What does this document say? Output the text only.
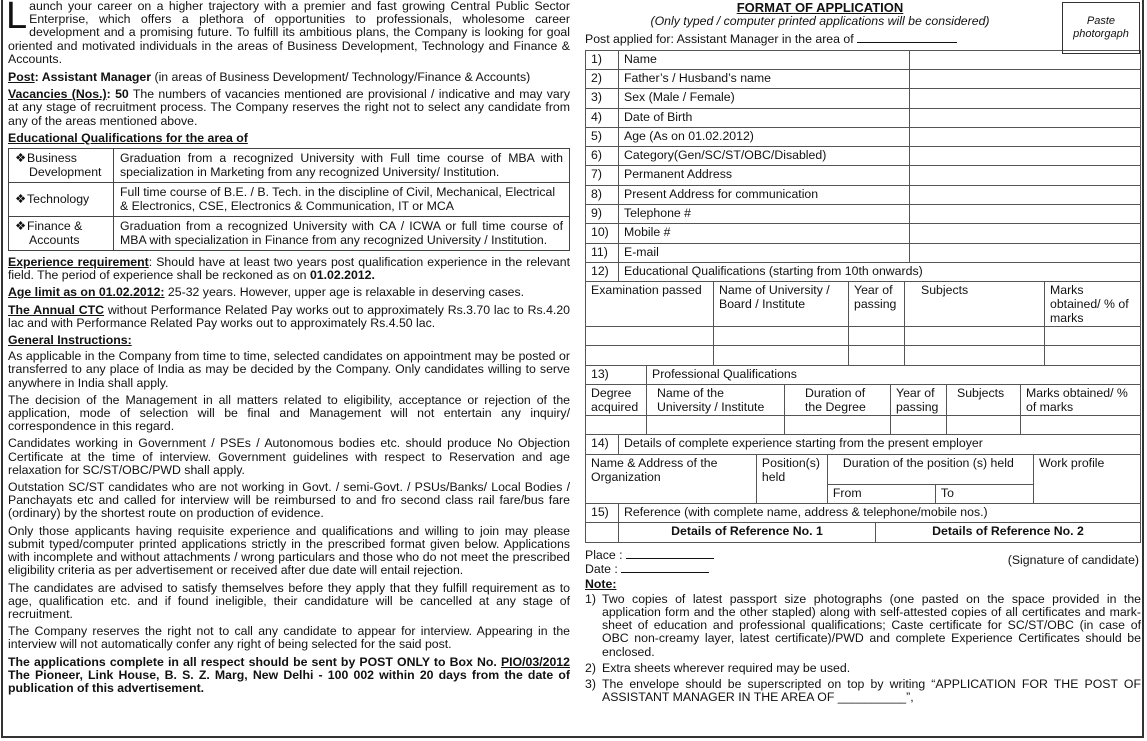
Launch your career on a higher trajectory with a premier and fast growing Central Public Sector Enterprise, which offers a plethora of opportunities to professionals, wholesome career development and a promising future. To fulfill its ambitious plans, the Company is looking for goal oriented and motivated individuals in the areas of Business Development, Technology and Finance & Accounts.

Post: Assistant Manager (in areas of Business Development/ Technology/Finance & Accounts)

Vacancies (Nos.): 50 The numbers of vacancies mentioned are provisional / indicative and may vary at any stage of recruitment process. The Company reserves the right not to select any candidate from any of the areas mentioned above.

Educational Qualifications for the area of
❖Business
Development	Graduation from a recognized University with Full time course of MBA with specialization in Marketing from any recognized University/ Institution.
❖Technology	Full time course of B.E. / B. Tech. in the discipline of Civil, Mechanical, Electrical & Electronics, CSE, Electronics & Communication, IT or MCA
❖Finance &
Accounts	Graduation from a recognized University with CA / ICWA or full time course of MBA with specialization in Finance from any recognized University / Institution.

Experience requirement: Should have at least two years post qualification experience in the relevant field. The period of experience shall be reckoned as on 01.02.2012.

Age limit as on 01.02.2012: 25-32 years. However, upper age is relaxable in deserving cases.

The Annual CTC without Performance Related Pay works out to approximately Rs.3.70 lac to Rs.4.20 lac and with Performance Related Pay works out to approximately Rs.4.50 lac.

General Instructions:

As applicable in the Company from time to time, selected candidates on appointment may be posted or transferred to any place of India as may be decided by the Company. Only candidates willing to serve anywhere in India shall apply.

The decision of the Management in all matters related to eligibility, acceptance or rejection of the application, mode of selection will be final and Management will not entertain any inquiry/ correspondence in this regard.

Candidates working in Government / PSEs / Autonomous bodies etc. should produce No Objection Certificate at the time of interview. Government guidelines with respect to Reservation and age relaxation for SC/ST/OBC/PWD shall apply.

Outstation SC/ST candidates who are not working in Govt. / semi-Govt. / PSUs/Banks/ Local Bodies / Panchayats etc and called for interview will be reimbursed to and fro second class rail fare/bus fare (ordinary) by the shortest route on production of evidence.

Only those applicants having requisite experience and qualifications and willing to join may please submit typed/computer printed applications strictly in the prescribed format given below. Applications with incomplete and without attachments / wrong particulars and those who do not meet the prescribed eligibility criteria as per advertisement or received after due date will entail rejection.

The candidates are advised to satisfy themselves before they apply that they fulfill requirement as to age, qualification etc. and if found ineligible, their candidature will be cancelled at any stage of recruitment.

The Company reserves the right not to call any candidate to appear for interview. Appearing in the interview will not automatically confer any right of being selected for the said post.

The applications complete in all respect should be sent by POST ONLY to Box No. PIO/03/2012 The Pioneer, Link House, B. S. Z. Marg, New Delhi - 100 002 within 20 days from the date of publication of this advertisement.

FORMAT OF APPLICATION
(Only typed / computer printed applications will be considered)	Paste photorgaph
Post applied for: Assistant Manager in the area of
1)	Name	
2)	Father’s / Husband’s name	
3)	Sex (Male / Female)	
4)	Date of Birth	
5)	Age (As on 01.02.2012)	
6)	Category(Gen/SC/ST/OBC/Disabled)	
7)	Permanent Address	
8)	Present Address for communication	
9)	Telephone #	
10)	Mobile #	
11)	E-mail	
12)	Educational Qualifications (starting from 10th onwards)	
Examination passed	Name of University / Board / Institute	Year of passing	Subjects	Marks obtained/ % of marks

13)	Professional Qualifications				
Degree acquired	Name of the University / Institute	Duration of the Degree	Year of passing	Subjects	Marks obtained/ % of marks

14)	Details of complete experience starting from the present employer				
Name & Address of the Organization		Position(s) held	Duration of the position (s) held		Work profile
			From	To	
15)	Reference (with complete name, address & telephone/mobile nos.)	
	Details of Reference No. 1	Details of Reference No. 2
Place :
Date :
(Signature of candidate)
Note:
1) Two copies of latest passport size photographs (one pasted on the space provided in the application form and the other stapled) along with self-attested copies of all certificates and mark-sheet of education and professional qualifications; Caste certificate for SC/ST/OBC (in case of OBC non-creamy layer, latest certificate)/PWD and complete Experience Certificates should be enclosed.
2) Extra sheets wherever required may be used.
3) The envelope should be superscripted on top by writing “APPLICATION FOR THE POST OF ASSISTANT MANAGER IN THE AREA OF __________”,
